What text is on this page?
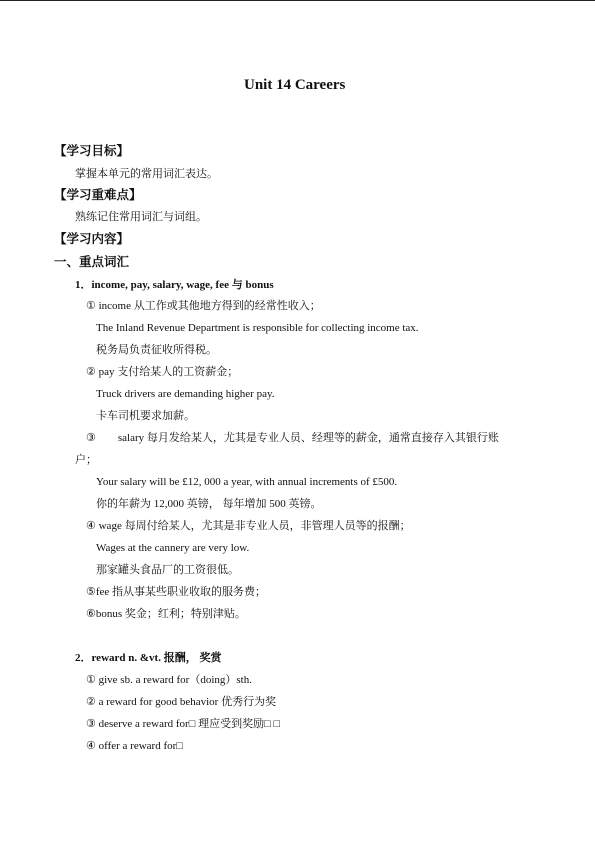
Unit 14 Careers
【学习目标】
掌握本单元的常用词汇表达。
【学习重难点】
熟练记住常用词汇与词组。
【学习内容】
一、重点词汇
1．income, pay, salary, wage, fee 与 bonus
① income 从工作或其他地方得到的经常性收入；
The Inland Revenue Department is responsible for collecting income tax.
税务局负责征收所得税。
② pay 支付给某人的工资薪金；
Truck drivers are demanding higher pay.
卡车司机要求加薪。
③　　salary 每月发给某人，尤其是专业人员、经理等的薪金，通常直接存入其银行账
户；
Your salary will be £12, 000 a year, with annual increments of £500.
你的年薪为 12,000 英镑， 每年增加 500 英镑。
④ wage 每周付给某人，尤其是非专业人员，非管理人员等的报酬；
Wages at the cannery are very low.
那家罐头食品厂的工资很低。
⑤fee 指从事某些职业收取的服务费；
⑥bonus 奖金；红利；特别津贴。
2．reward n. &vt. 报酬， 奖赏
① give sb. a reward for（doing）sth.
② a reward for good behavior 优秀行为奖
③ deserve a reward for□ 理应受到奖励□ □
④ offer a reward for□
